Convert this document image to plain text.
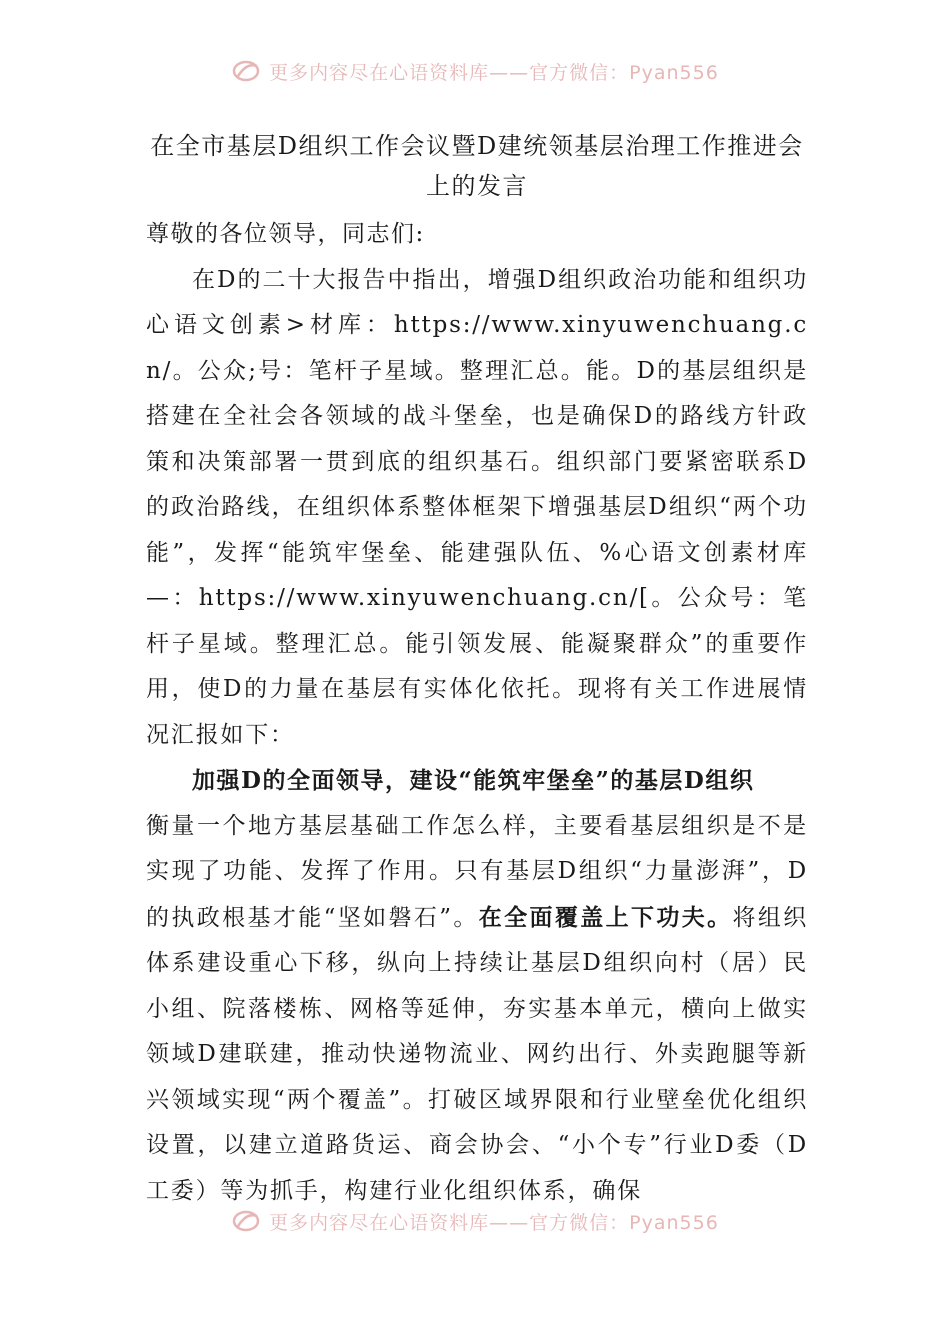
更多内容尽在心语资料库——官方微信：Pyan556
在全市基层D组织工作会议暨D建统领基层治理工作推进会
上的发言

尊敬的各位领导，同志们:

在D的二十大报告中指出，增强D组织政治功能和组织功心语文创素>材库：https://www.xinyuwenchuang.cn/。公众;号：笔杆子星域。整理汇总。能。D的基层组织是搭建在全社会各领域的战斗堡垒，也是确保D的路线方针政策和决策部署一贯到底的组织基石。组织部门要紧密联系D的政治路线，在组织体系整体框架下增强基层D组织“两个功能”，发挥“能筑牢堡垒、能建强队伍、%心语文创素材库—：https://www.xinyuwenchuang.cn/[。公众号：笔杆子星域。整理汇总。能引领发展、能凝聚群众”的重要作用，使D的力量在基层有实体化依托。现将有关工作进展情况汇报如下：

加强D的全面领导，建设“能筑牢堡垒”的基层D组织

衡量一个地方基层基础工作怎么样，主要看基层组织是不是实现了功能、发挥了作用。只有基层D组织“力量澎湃”，D的执政根基才能“坚如磐石”。在全面覆盖上下功夫。将组织体系建设重心下移，纵向上持续让基层D组织向村（居）民小组、院落楼栋、网格等延伸，夯实基本单元，横向上做实领域D建联建，推动快递物流业、网约出行、外卖跑腿等新兴领域实现“两个覆盖”。打破区域界限和行业壁垒优化组织设置，以建立道路货运、商会协会、“小个专”行业D委（D工委）等为抓手，构建行业化组织体系，确保

更多内容尽在心语资料库——官方微信：Pyan556
